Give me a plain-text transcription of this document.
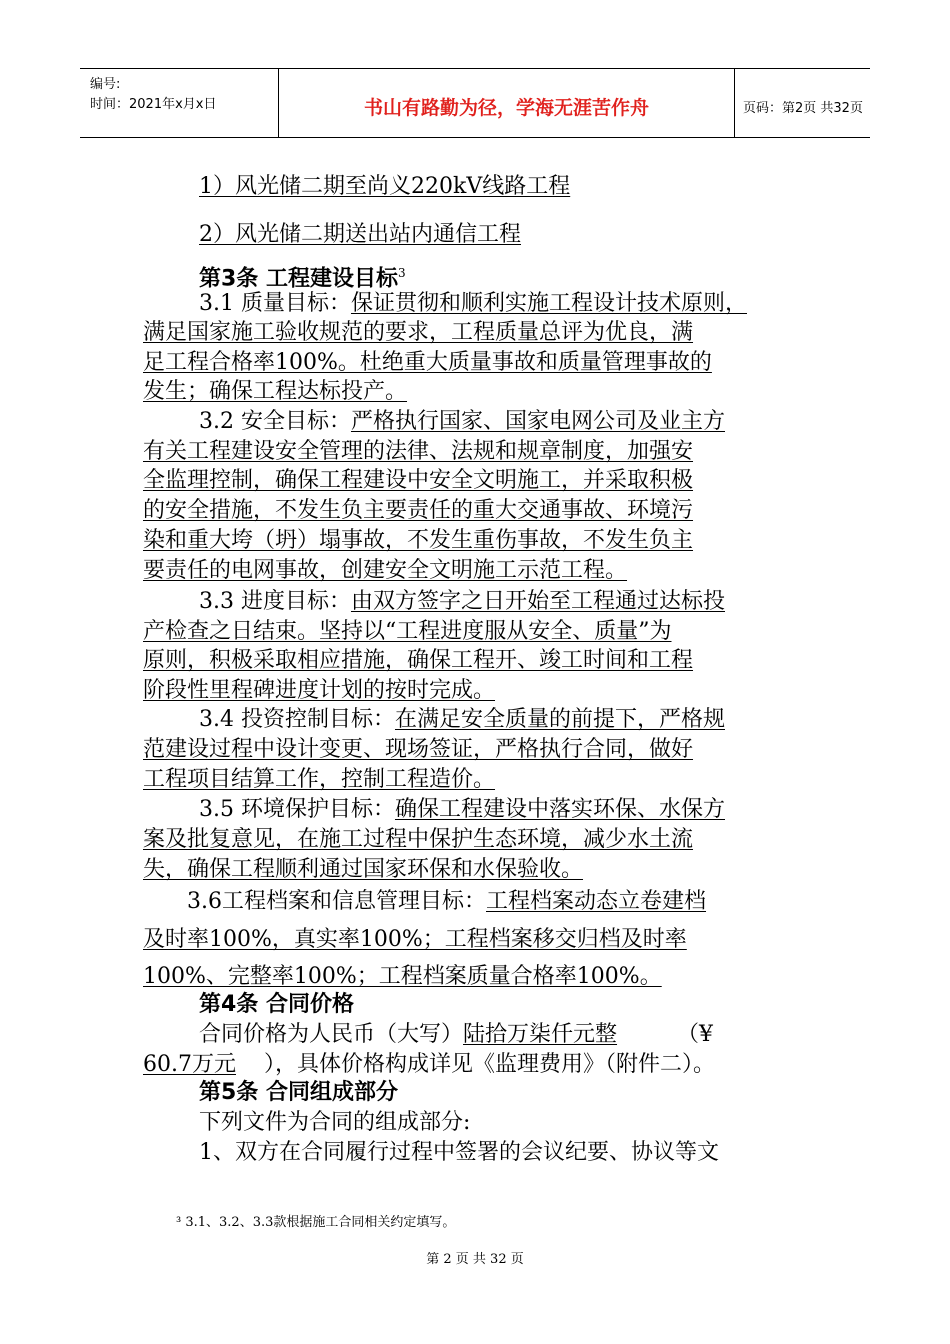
编号:
时间：2021年x月x日	书山有路勤为径，学海无涯苦作舟	页码：第2页 共32页
1）风光储二期至尚义220kV线路工程
2）风光储二期送出站内通信工程
第3条 工程建设目标$^3$
3.1 质量目标：保证贯彻和顺利实施工程设计技术原则，
满足国家施工验收规范的要求，工程质量总评为优良，满
足工程合格率100%。杜绝重大质量事故和质量管理事故的
发生；确保工程达标投产。
3.2 安全目标：严格执行国家、国家电网公司及业主方
有关工程建设安全管理的法律、法规和规章制度，加强安
全监理控制，确保工程建设中安全文明施工，并采取积极
的安全措施，不发生负主要责任的重大交通事故、环境污
染和重大垮（坍）塌事故，不发生重伤事故，不发生负主
要责任的电网事故，创建安全文明施工示范工程。
3.3 进度目标：由双方签字之日开始至工程通过达标投
产检查之日结束。坚持以“工程进度服从安全、质量”为
原则，积极采取相应措施，确保工程开、竣工时间和工程
阶段性里程碑进度计划的按时完成。
3.4 投资控制目标：在满足安全质量的前提下，严格规
范建设过程中设计变更、现场签证，严格执行合同，做好
工程项目结算工作，控制工程造价。
3.5 环境保护目标：确保工程建设中落实环保、水保方
案及批复意见，在施工过程中保护生态环境，减少水土流
失，确保工程顺利通过国家环保和水保验收。
3.6工程档案和信息管理目标：工程档案动态立卷建档
及时率100%，真实率100%；工程档案移交归档及时率
100%、完整率100%；工程档案质量合格率100%。
第4条 合同价格
合同价格为人民币（大写）陆拾万柒仟元整	（¥
60.7万元 ），具体价格构成详见《监理费用》（附件二）。
第5条 合同组成部分
下列文件为合同的组成部分:
1、双方在合同履行过程中签署的会议纪要、协议等文
³ 3.1、3.2、3.3款根据施工合同相关约定填写。
第 2 页 共 32 页
